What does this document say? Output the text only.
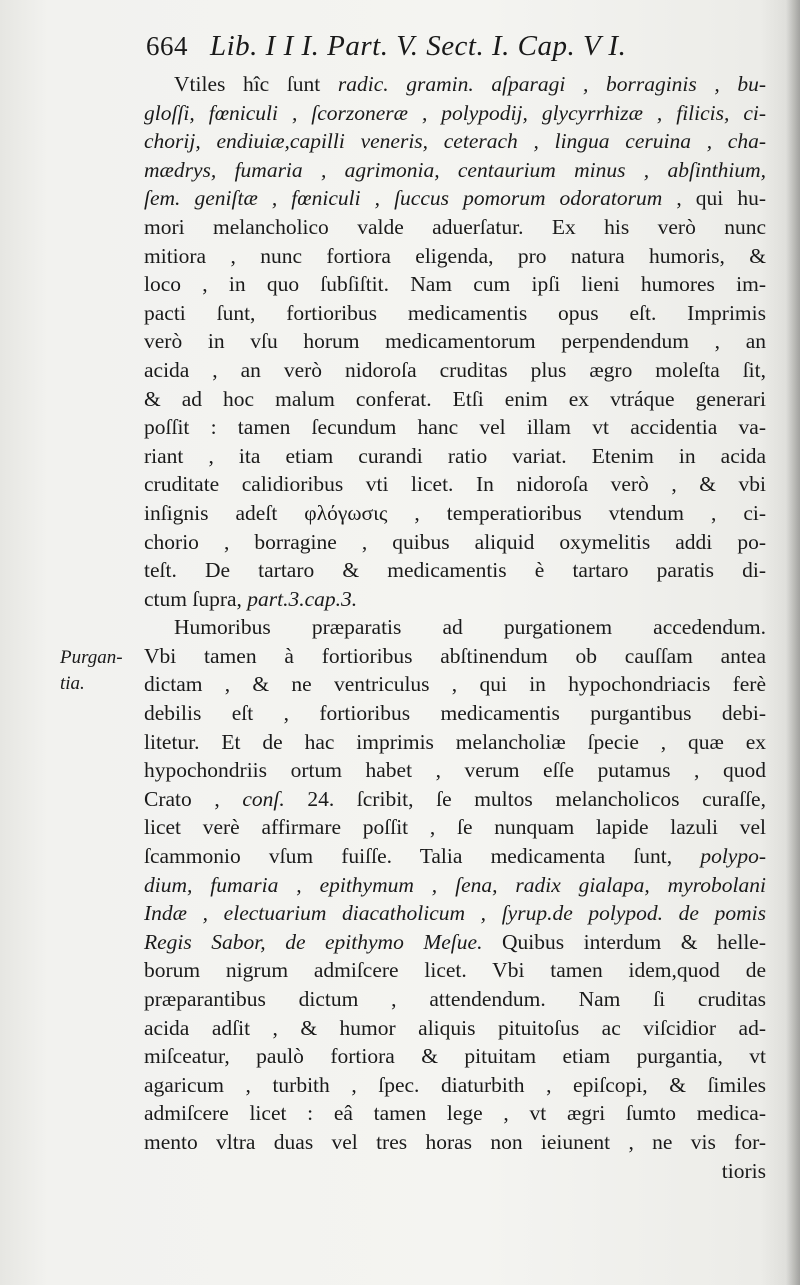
664 Lib. I I I. Part. V. Sect. I. Cap. V I.
Purgan-
tia.
Vtiles hîc ſunt radic. gramin. aſparagi , borraginis , bu-
gloſſi, fœniculi , ſcorzoneræ , polypodij, glycyrrhizæ , filicis, ci-
chorij, endiuiæ,capilli veneris, ceterach , lingua ceruina , cha-
mædrys, fumaria , agrimonia, centaurium minus , abſinthium,
ſem. geniſtæ , fœniculi , ſuccus pomorum odoratorum , qui hu-
mori melancholico valde aduerſatur. Ex his verò nunc
mitiora , nunc fortiora eligenda, pro natura humoris, &
loco , in quo ſubſiſtit. Nam cum ipſi lieni humores im-
pacti ſunt, fortioribus medicamentis opus eſt. Imprimis
verò in vſu horum medicamentorum perpendendum , an
acida , an verò nidoroſa cruditas plus ægro moleſta ſit,
& ad hoc malum conferat. Etſi enim ex vtráque generari
poſſit : tamen ſecundum hanc vel illam vt accidentia va-
riant , ita etiam curandi ratio variat. Etenim in acida
cruditate calidioribus vti licet. In nidoroſa verò , & vbi
inſignis adeſt φλόγωσις , temperatioribus vtendum , ci-
chorio , borragine , quibus aliquid oxymelitis addi po-
teſt. De tartaro & medicamentis è tartaro paratis di-
ctum ſupra, part.3.cap.3.
Humoribus præparatis ad purgationem accedendum.
Vbi tamen à fortioribus abſtinendum ob cauſſam antea
dictam , & ne ventriculus , qui in hypochondriacis ferè
debilis eſt , fortioribus medicamentis purgantibus debi-
litetur. Et de hac imprimis melancholiæ ſpecie , quæ ex
hypochondriis ortum habet , verum eſſe putamus , quod
Crato , conſ. 24. ſcribit, ſe multos melancholicos curaſſe,
licet verè affirmare poſſit , ſe nunquam lapide lazuli vel
ſcammonio vſum fuiſſe. Talia medicamenta ſunt, polypo-
dium, fumaria , epithymum , ſena, radix gialapa, myrobolani
Indæ , electuarium diacatholicum , ſyrup.de polypod. de pomis
Regis Sabor, de epithymo Meſue. Quibus interdum & helle-
borum nigrum admiſcere licet. Vbi tamen idem,quod de
præparantibus dictum , attendendum. Nam ſi cruditas
acida adſit , & humor aliquis pituitoſus ac viſcidior ad-
miſceatur, paulò fortiora & pituitam etiam purgantia, vt
agaricum , turbith , ſpec. diaturbith , epiſcopi, & ſimiles
admiſcere licet : eâ tamen lege , vt ægri ſumto medica-
mento vltra duas vel tres horas non ieiunent , ne vis for-
tioris
